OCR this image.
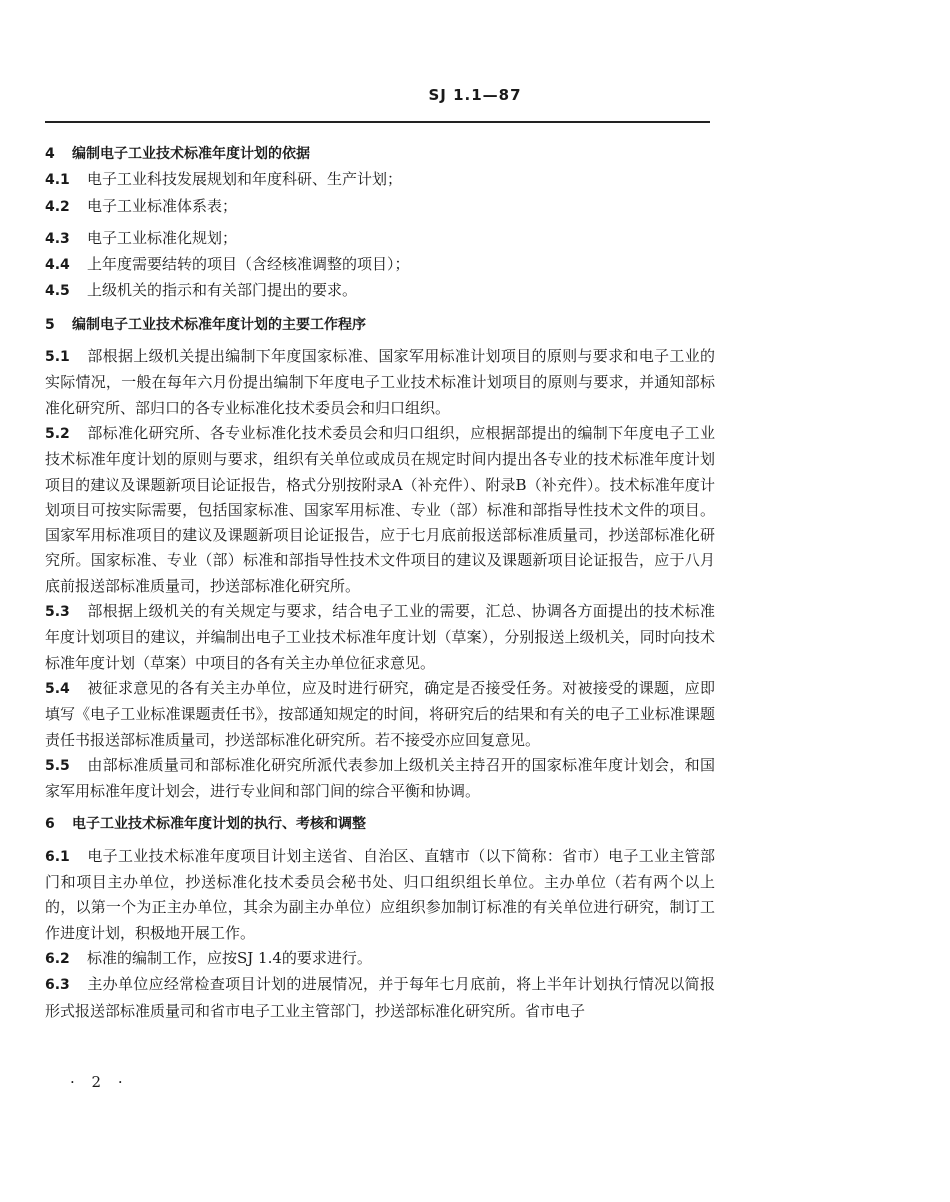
SJ 1.1—87
4 编制电子工业技术标准年度计划的依据
4.1 电子工业科技发展规划和年度科研、生产计划；
4.2 电子工业标准体系表；
4.3 电子工业标准化规划；
4.4 上年度需要结转的项目（含经核准调整的项目）；
4.5 上级机关的指示和有关部门提出的要求。
5 编制电子工业技术标准年度计划的主要工作程序
5.1 部根据上级机关提出编制下年度国家标准、国家军用标准计划项目的原则与要求和电子工业的实际情况，一般在每年六月份提出编制下年度电子工业技术标准计划项目的原则与要求，并通知部标准化研究所、部归口的各专业标准化技术委员会和归口组织。
5.2 部标准化研究所、各专业标准化技术委员会和归口组织，应根据部提出的编制下年度电子工业技术标准年度计划的原则与要求，组织有关单位或成员在规定时间内提出各专业的技术标准年度计划项目的建议及课题新项目论证报告，格式分别按附录A（补充件）、附录B（补充件）。技术标准年度计划项目可按实际需要，包括国家标准、国家军用标准、专业（部）标准和部指导性技术文件的项目。国家军用标准项目的建议及课题新项目论证报告，应于七月底前报送部标准质量司，抄送部标准化研究所。国家标准、专业（部）标准和部指导性技术文件项目的建议及课题新项目论证报告，应于八月底前报送部标准质量司，抄送部标准化研究所。
5.3 部根据上级机关的有关规定与要求，结合电子工业的需要，汇总、协调各方面提出的技术标准年度计划项目的建议，并编制出电子工业技术标准年度计划（草案），分别报送上级机关，同时向技术标准年度计划（草案）中项目的各有关主办单位征求意见。
5.4 被征求意见的各有关主办单位，应及时进行研究，确定是否接受任务。对被接受的课题，应即填写《电子工业标准课题责任书》，按部通知规定的时间，将研究后的结果和有关的电子工业标准课题责任书报送部标准质量司，抄送部标准化研究所。若不接受亦应回复意见。
5.5 由部标准质量司和部标准化研究所派代表参加上级机关主持召开的国家标准年度计划会，和国家军用标准年度计划会，进行专业间和部门间的综合平衡和协调。
6 电子工业技术标准年度计划的执行、考核和调整
6.1 电子工业技术标准年度项目计划主送省、自治区、直辖市（以下简称：省市）电子工业主管部门和项目主办单位，抄送标准化技术委员会秘书处、归口组织组长单位。主办单位（若有两个以上的，以第一个为正主办单位，其余为副主办单位）应组织参加制订标准的有关单位进行研究，制订工作进度计划，积极地开展工作。
6.2 标准的编制工作，应按SJ 1.4的要求进行。
6.3 主办单位应经常检查项目计划的进展情况，并于每年七月底前，将上半年计划执行情况以简报形式报送部标准质量司和省市电子工业主管部门，抄送部标准化研究所。省市电子
· 2 ·
